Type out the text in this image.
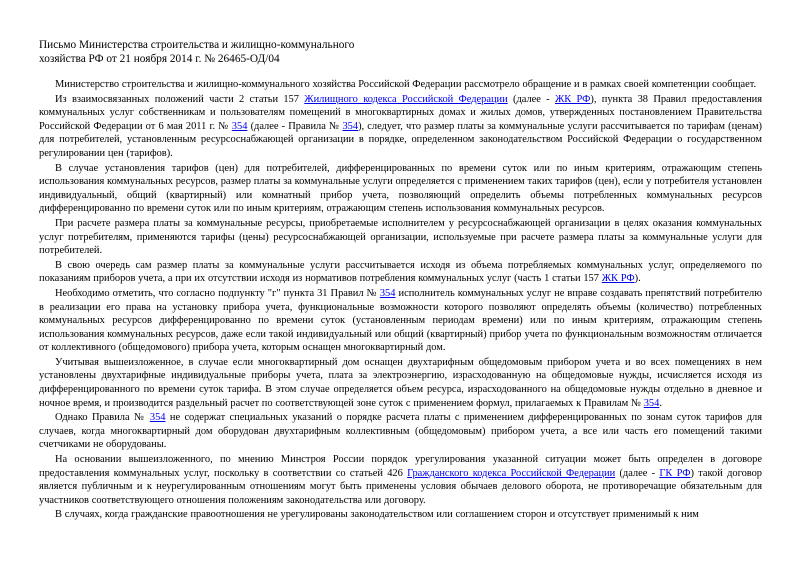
Письмо Министерства строительства и жилищно-коммунального хозяйства РФ от 21 ноября 2014 г. № 26465-ОД/04

Министерство строительства и жилищно-коммунального хозяйства Российской Федерации рассмотрело обращение и в рамках своей компетенции сообщает.

Из взаимосвязанных положений части 2 статьи 157 Жилищного кодекса Российской Федерации (далее - ЖК РФ), пункта 38 Правил предоставления коммунальных услуг собственникам и пользователям помещений в многоквартирных домах и жилых домов, утвержденных постановлением Правительства Российской Федерации от 6 мая 2011 г. № 354 (далее - Правила № 354), следует, что размер платы за коммунальные услуги рассчитывается по тарифам (ценам) для потребителей, установленным ресурсоснабжающей организации в порядке, определенном законодательством Российской Федерации о государственном регулировании цен (тарифов).

В случае установления тарифов (цен) для потребителей, дифференцированных по времени суток или по иным критериям, отражающим степень использования коммунальных ресурсов, размер платы за коммунальные услуги определяется с применением таких тарифов (цен), если у потребителя установлен индивидуальный, общий (квартирный) или комнатный прибор учета, позволяющий определить объемы потребленных коммунальных ресурсов дифференцированно по времени суток или по иным критериям, отражающим степень использования коммунальных ресурсов.

При расчете размера платы за коммунальные ресурсы, приобретаемые исполнителем у ресурсоснабжающей организации в целях оказания коммунальных услуг потребителям, применяются тарифы (цены) ресурсоснабжающей организации, используемые при расчете размера платы за коммунальные услуги для потребителей.

В свою очередь сам размер платы за коммунальные услуги рассчитывается исходя из объема потребляемых коммунальных услуг, определяемого по показаниям приборов учета, а при их отсутствии исходя из нормативов потребления коммунальных услуг (часть 1 статьи 157 ЖК РФ).

Необходимо отметить, что согласно подпункту "г" пункта 31 Правил № 354 исполнитель коммунальных услуг не вправе создавать препятствий потребителю в реализации его права на установку прибора учета, функциональные возможности которого позволяют определять объемы (количество) потребленных коммунальных ресурсов дифференцированно по времени суток (установленным периодам времени) или по иным критериям, отражающим степень использования коммунальных ресурсов, даже если такой индивидуальный или общий (квартирный) прибор учета по функциональным возможностям отличается от коллективного (общедомового) прибора учета, которым оснащен многоквартирный дом.

Учитывая вышеизложенное, в случае если многоквартирный дом оснащен двухтарифным общедомовым прибором учета и во всех помещениях в нем установлены двухтарифные индивидуальные приборы учета, плата за электроэнергию, израсходованную на общедомовые нужды, исчисляется исходя из дифференцированного по времени суток тарифа. В этом случае определяется объем ресурса, израсходованного на общедомовые нужды отдельно в дневное и ночное время, и производится раздельный расчет по соответствующей зоне суток с применением формул, прилагаемых к Правилам № 354.

Однако Правила № 354 не содержат специальных указаний о порядке расчета платы с применением дифференцированных по зонам суток тарифов для случаев, когда многоквартирный дом оборудован двухтарифным коллективным (общедомовым) прибором учета, а все или часть его помещений такими счетчиками не оборудованы.

На основании вышеизложенного, по мнению Минстроя России порядок урегулирования указанной ситуации может быть определен в договоре предоставления коммунальных услуг, поскольку в соответствии со статьей 426 Гражданского кодекса Российской Федерации (далее - ГК РФ) такой договор является публичным и к неурегулированным отношениям могут быть применены условия обычаев делового оборота, не противоречащие обязательным для участников соответствующего отношения положениям законодательства или договору.

В случаях, когда гражданские правоотношения не урегулированы законодательством или соглашением сторон и отсутствует применимый к ним
